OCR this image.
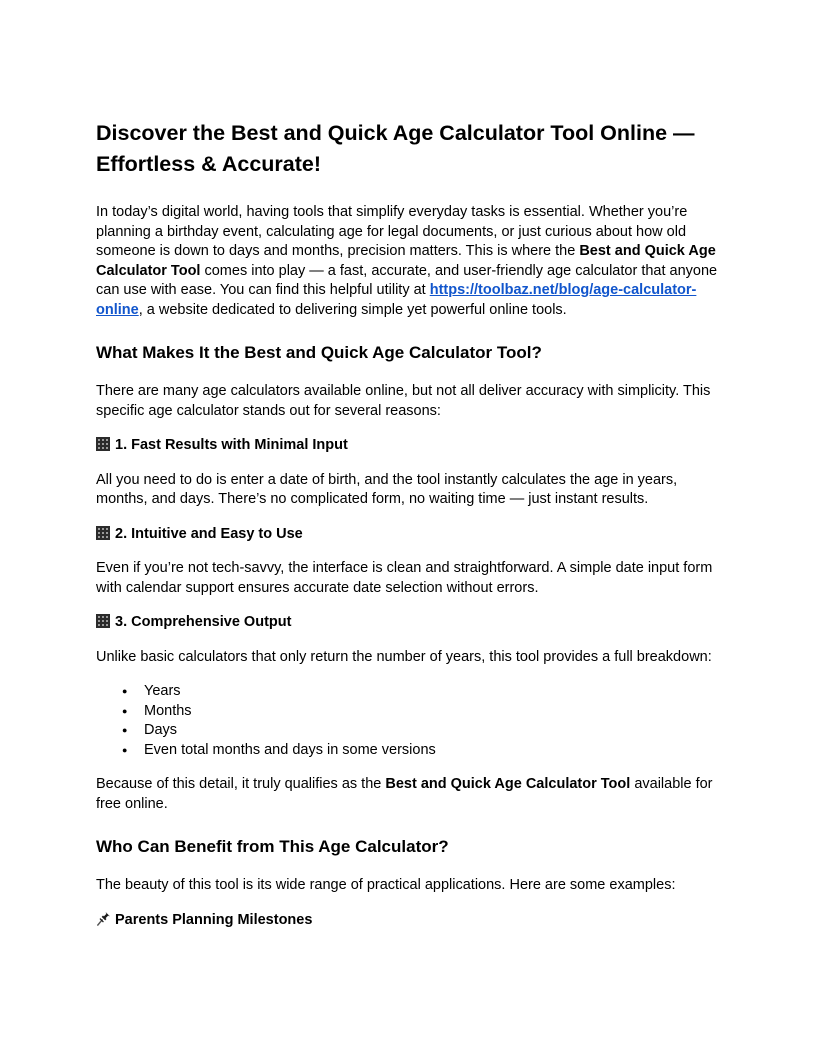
Discover the Best and Quick Age Calculator Tool Online — Effortless & Accurate!

In today’s digital world, having tools that simplify everyday tasks is essential. Whether you’re planning a birthday event, calculating age for legal documents, or just curious about how old someone is down to days and months, precision matters. This is where the Best and Quick Age Calculator Tool comes into play — a fast, accurate, and user-friendly age calculator that anyone can use with ease. You can find this helpful utility at https://toolbaz.net/blog/age-calculator-online, a website dedicated to delivering simple yet powerful online tools.

What Makes It the Best and Quick Age Calculator Tool?

There are many age calculators available online, but not all deliver accuracy with simplicity. This specific age calculator stands out for several reasons:

1. Fast Results with Minimal Input

All you need to do is enter a date of birth, and the tool instantly calculates the age in years, months, and days. There’s no complicated form, no waiting time — just instant results.

2. Intuitive and Easy to Use

Even if you’re not tech-savvy, the interface is clean and straightforward. A simple date input form with calendar support ensures accurate date selection without errors.

3. Comprehensive Output

Unlike basic calculators that only return the number of years, this tool provides a full breakdown:

● Years
● Months
● Days
● Even total months and days in some versions

Because of this detail, it truly qualifies as the Best and Quick Age Calculator Tool available for free online.

Who Can Benefit from This Age Calculator?

The beauty of this tool is its wide range of practical applications. Here are some examples:

Parents Planning Milestones
